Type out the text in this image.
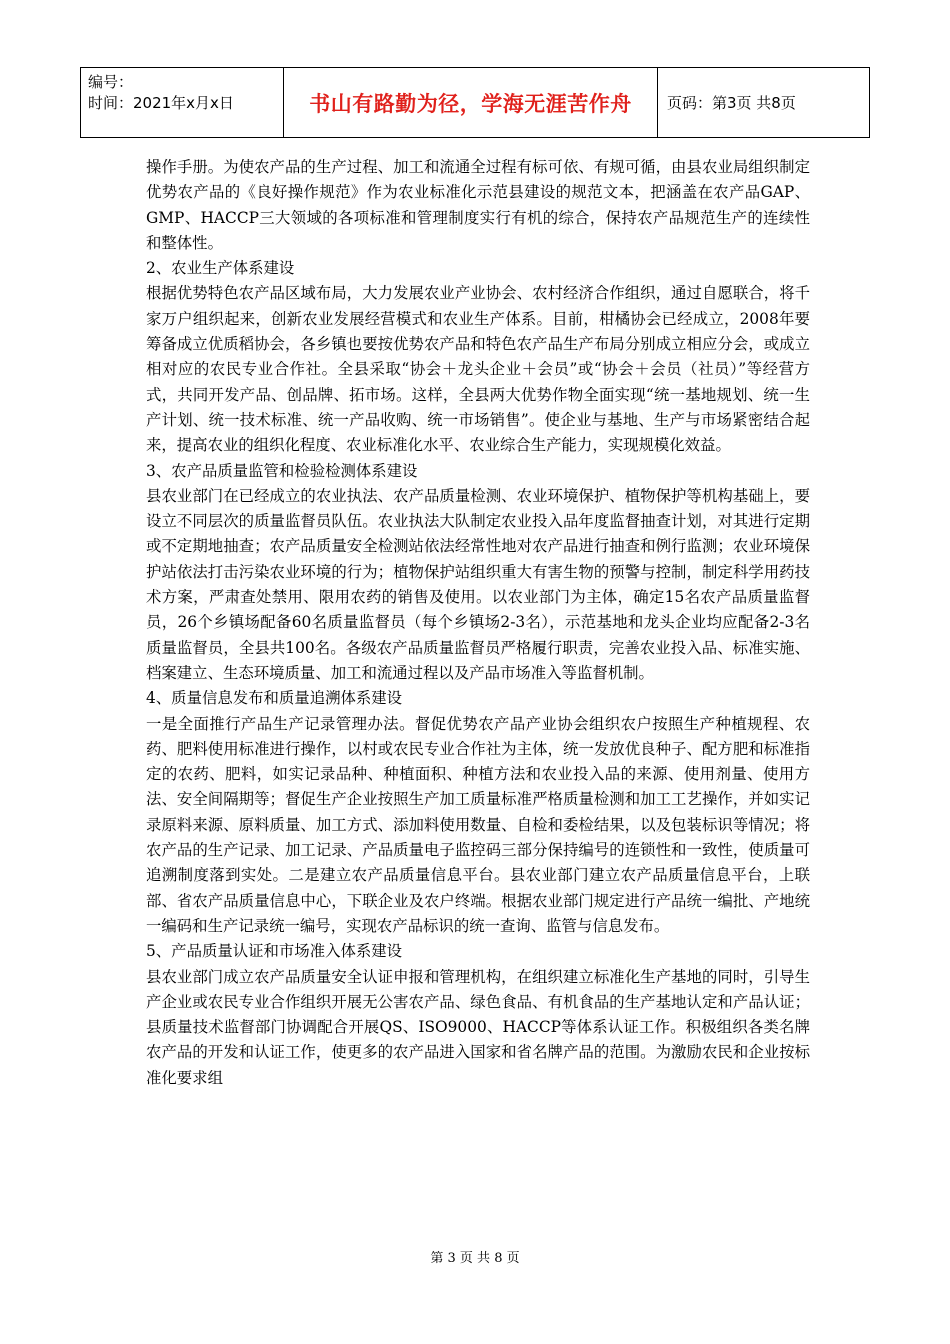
编号：
时间：2021年x月x日	书山有路勤为径，学海无涯苦作舟	页码：第3页 共8页

操作手册。为使农产品的生产过程、加工和流通全过程有标可依、有规可循，由县农业局组织制定优势农产品的《良好操作规范》作为农业标准化示范县建设的规范文本，把涵盖在农产品GAP、GMP、HACCP三大领域的各项标准和管理制度实行有机的综合，保持农产品规范生产的连续性和整体性。

2、农业生产体系建设

根据优势特色农产品区域布局，大力发展农业产业协会、农村经济合作组织，通过自愿联合，将千家万户组织起来，创新农业发展经营模式和农业生产体系。目前，柑橘协会已经成立，2008年要筹备成立优质稻协会，各乡镇也要按优势农产品和特色农产品生产布局分别成立相应分会，或成立相对应的农民专业合作社。全县采取“协会＋龙头企业＋会员”或“协会＋会员（社员）”等经营方式，共同开发产品、创品牌、拓市场。这样，全县两大优势作物全面实现“统一基地规划、统一生产计划、统一技术标准、统一产品收购、统一市场销售”。使企业与基地、生产与市场紧密结合起来，提高农业的组织化程度、农业标准化水平、农业综合生产能力，实现规模化效益。

3、农产品质量监管和检验检测体系建设

县农业部门在已经成立的农业执法、农产品质量检测、农业环境保护、植物保护等机构基础上，要设立不同层次的质量监督员队伍。农业执法大队制定农业投入品年度监督抽查计划，对其进行定期或不定期地抽查；农产品质量安全检测站依法经常性地对农产品进行抽查和例行监测；农业环境保护站依法打击污染农业环境的行为；植物保护站组织重大有害生物的预警与控制，制定科学用药技术方案，严肃查处禁用、限用农药的销售及使用。以农业部门为主体，确定15名农产品质量监督员，26个乡镇场配备60名质量监督员（每个乡镇场2-3名），示范基地和龙头企业均应配备2-3名质量监督员，全县共100名。各级农产品质量监督员严格履行职责，完善农业投入品、标准实施、档案建立、生态环境质量、加工和流通过程以及产品市场准入等监督机制。

4、质量信息发布和质量追溯体系建设

一是全面推行产品生产记录管理办法。督促优势农产品产业协会组织农户按照生产种植规程、农药、肥料使用标准进行操作，以村或农民专业合作社为主体，统一发放优良种子、配方肥和标准指定的农药、肥料，如实记录品种、种植面积、种植方法和农业投入品的来源、使用剂量、使用方法、安全间隔期等；督促生产企业按照生产加工质量标准严格质量检测和加工工艺操作，并如实记录原料来源、原料质量、加工方式、添加料使用数量、自检和委检结果，以及包装标识等情况；将农产品的生产记录、加工记录、产品质量电子监控码三部分保持编号的连锁性和一致性，使质量可追溯制度落到实处。二是建立农产品质量信息平台。县农业部门建立农产品质量信息平台，上联部、省农产品质量信息中心，下联企业及农户终端。根据农业部门规定进行产品统一编批、产地统一编码和生产记录统一编号，实现农产品标识的统一查询、监管与信息发布。

5、产品质量认证和市场准入体系建设

县农业部门成立农产品质量安全认证申报和管理机构，在组织建立标准化生产基地的同时，引导生产企业或农民专业合作组织开展无公害农产品、绿色食品、有机食品的生产基地认定和产品认证；县质量技术监督部门协调配合开展QS、ISO9000、HACCP等体系认证工作。积极组织各类名牌农产品的开发和认证工作，使更多的农产品进入国家和省名牌产品的范围。为激励农民和企业按标准化要求组

第 3 页 共 8 页
